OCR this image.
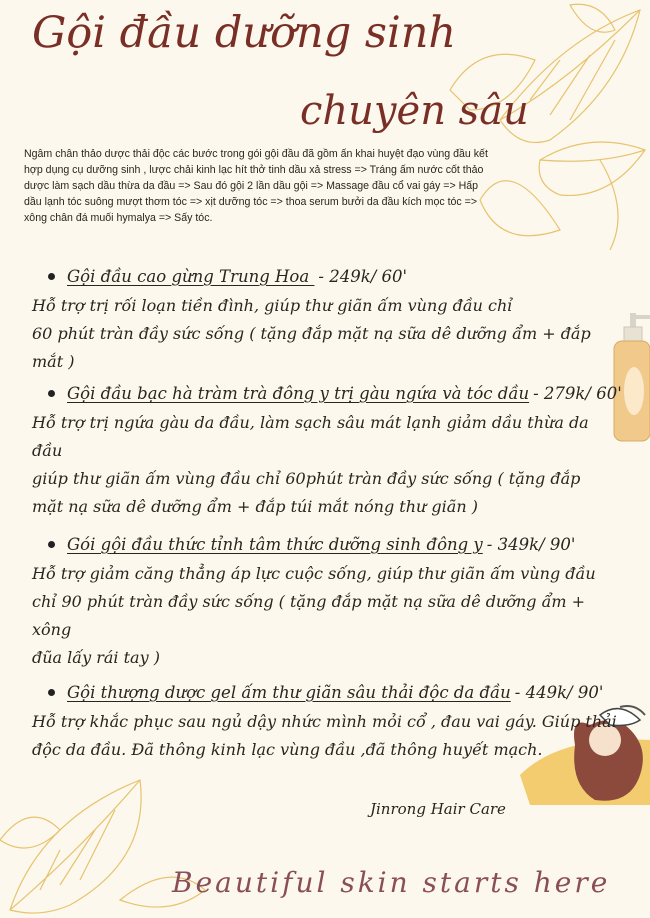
Gội đầu dưỡng sinh
chuyên sâu

Ngâm chân thảo dược thải độc các bước trong gói gội đầu đã gồm ấn khai huyệt đạo vùng đầu kết hợp dụng cụ dưỡng sinh , lược chải kinh lạc hít thở tinh dầu xả stress => Tráng ấm nước cốt thảo dược làm sạch dầu thừa da đầu => Sau đó gội 2 lần dầu gội => Massage đầu cổ vai gáy => Hấp dầu lạnh tóc suông mượt thơm tóc => xịt dưỡng tóc => thoa serum bưởi da đầu kích mọc tóc => xông chân đá muối hymalya => Sấy tóc.

Gội đầu cao gừng Trung Hoa - 249k/ 60'

Hỗ trợ trị rối loạn tiền đình, giúp thư giãn ấm vùng đầu chỉ

60 phút tràn đầy sức sống ( tặng đắp mặt nạ sữa dê dưỡng ẩm + đắp mắt )

Gội đầu bạc hà tràm trà đông y trị gàu ngứa và tóc dầu - 279k/ 60'

Hỗ trợ trị ngứa gàu da đầu, làm sạch sâu mát lạnh giảm dầu thừa da đầu

giúp thư giãn ấm vùng đầu chỉ 60phút tràn đầy sức sống ( tặng đắp

mặt nạ sữa dê dưỡng ẩm + đắp túi mắt nóng thư giãn )

Gói gội đầu thức tỉnh tâm thức dưỡng sinh đông y - 349k/ 90'

Hỗ trợ giảm căng thẳng áp lực cuộc sống, giúp thư giãn ấm vùng đầu

chỉ 90 phút tràn đầy sức sống ( tặng đắp mặt nạ sữa dê dưỡng ẩm + xông

đũa lấy rái tay )

Gội thượng dược gel ấm thư giãn sâu thải độc da đầu - 449k/ 90'

Hỗ trợ khắc phục sau ngủ dậy nhức mình mỏi cổ , đau vai gáy. Giúp thải

độc da đầu. Đã thông kinh lạc vùng đầu ,đã thông huyết mạch.

Jinrong Hair Care

Beautiful skin starts here
